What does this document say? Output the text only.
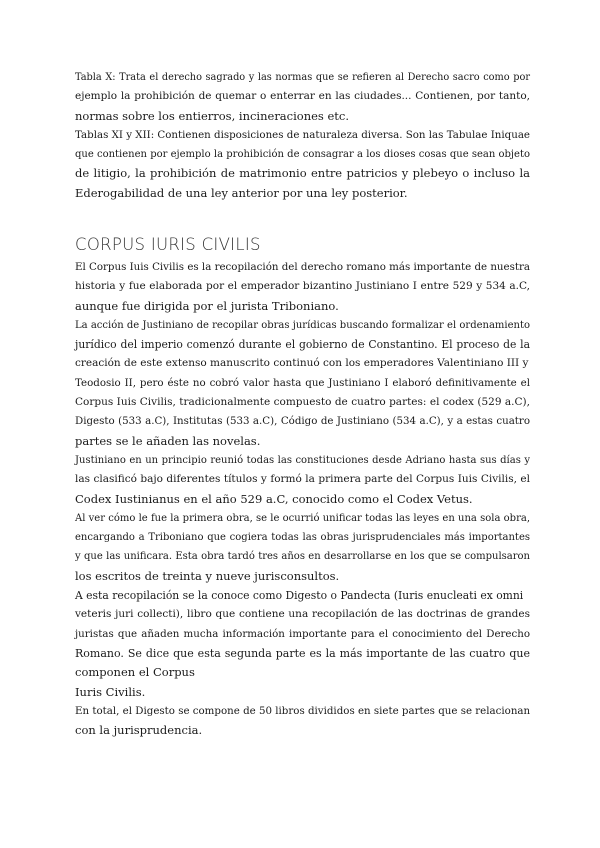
Tabla X: Trata el derecho sagrado y las normas que se refieren al Derecho sacro como por
ejemplo la prohibición de quemar o enterrar en las ciudades... Contienen, por tanto,
normas sobre los entierros, incineraciones etc.
Tablas XI y XII: Contienen disposiciones de naturaleza diversa. Son las Tabulae Iniquae
que contienen por ejemplo la prohibición de consagrar a los dioses cosas que sean objeto
de litigio, la prohibición de matrimonio entre patricios y plebeyo o incluso la
Ederogabilidad de una ley anterior por una ley posterior.
CORPUS IURIS CIVILIS
El Corpus Iuis Civilis es la recopilación del derecho romano más importante de nuestra
historia y fue elaborada por el emperador bizantino Justiniano I entre 529 y 534 a.C,
aunque fue dirigida por el jurista Triboniano.
La acción de Justiniano de recopilar obras jurídicas buscando formalizar el ordenamiento
jurídico del imperio comenzó durante el gobierno de Constantino. El proceso de la
creación de este extenso manuscrito continuó con los emperadores Valentiniano III y
Teodosio II, pero éste no cobró valor hasta que Justiniano I elaboró definitivamente el
Corpus Iuis Civilis, tradicionalmente compuesto de cuatro partes: el codex (529 a.C),
Digesto (533 a.C), Institutas (533 a.C), Código de Justiniano (534 a.C), y a estas cuatro
partes se le añaden las novelas.
Justiniano en un principio reunió todas las constituciones desde Adriano hasta sus días y
las clasificó bajo diferentes títulos y formó la primera parte del Corpus Iuis Civilis, el
Codex Iustinianus en el año 529 a.C, conocido como el Codex Vetus.
Al ver cómo le fue la primera obra, se le ocurrió unificar todas las leyes en una sola obra,
encargando a Triboniano que cogiera todas las obras jurisprudenciales más importantes
y que las unificara. Esta obra tardó tres años en desarrollarse en los que se compulsaron
los escritos de treinta y nueve jurisconsultos.
A esta recopilación se la conoce como Digesto o Pandecta (Iuris enucleati ex omni
veteris juri collecti), libro que contiene una recopilación de las doctrinas de grandes
juristas que añaden mucha información importante para el conocimiento del Derecho
Romano. Se dice que esta segunda parte es la más importante de las cuatro que
componen el Corpus
Iuris Civilis.
En total, el Digesto se compone de 50 libros divididos en siete partes que se relacionan
con la jurisprudencia.
